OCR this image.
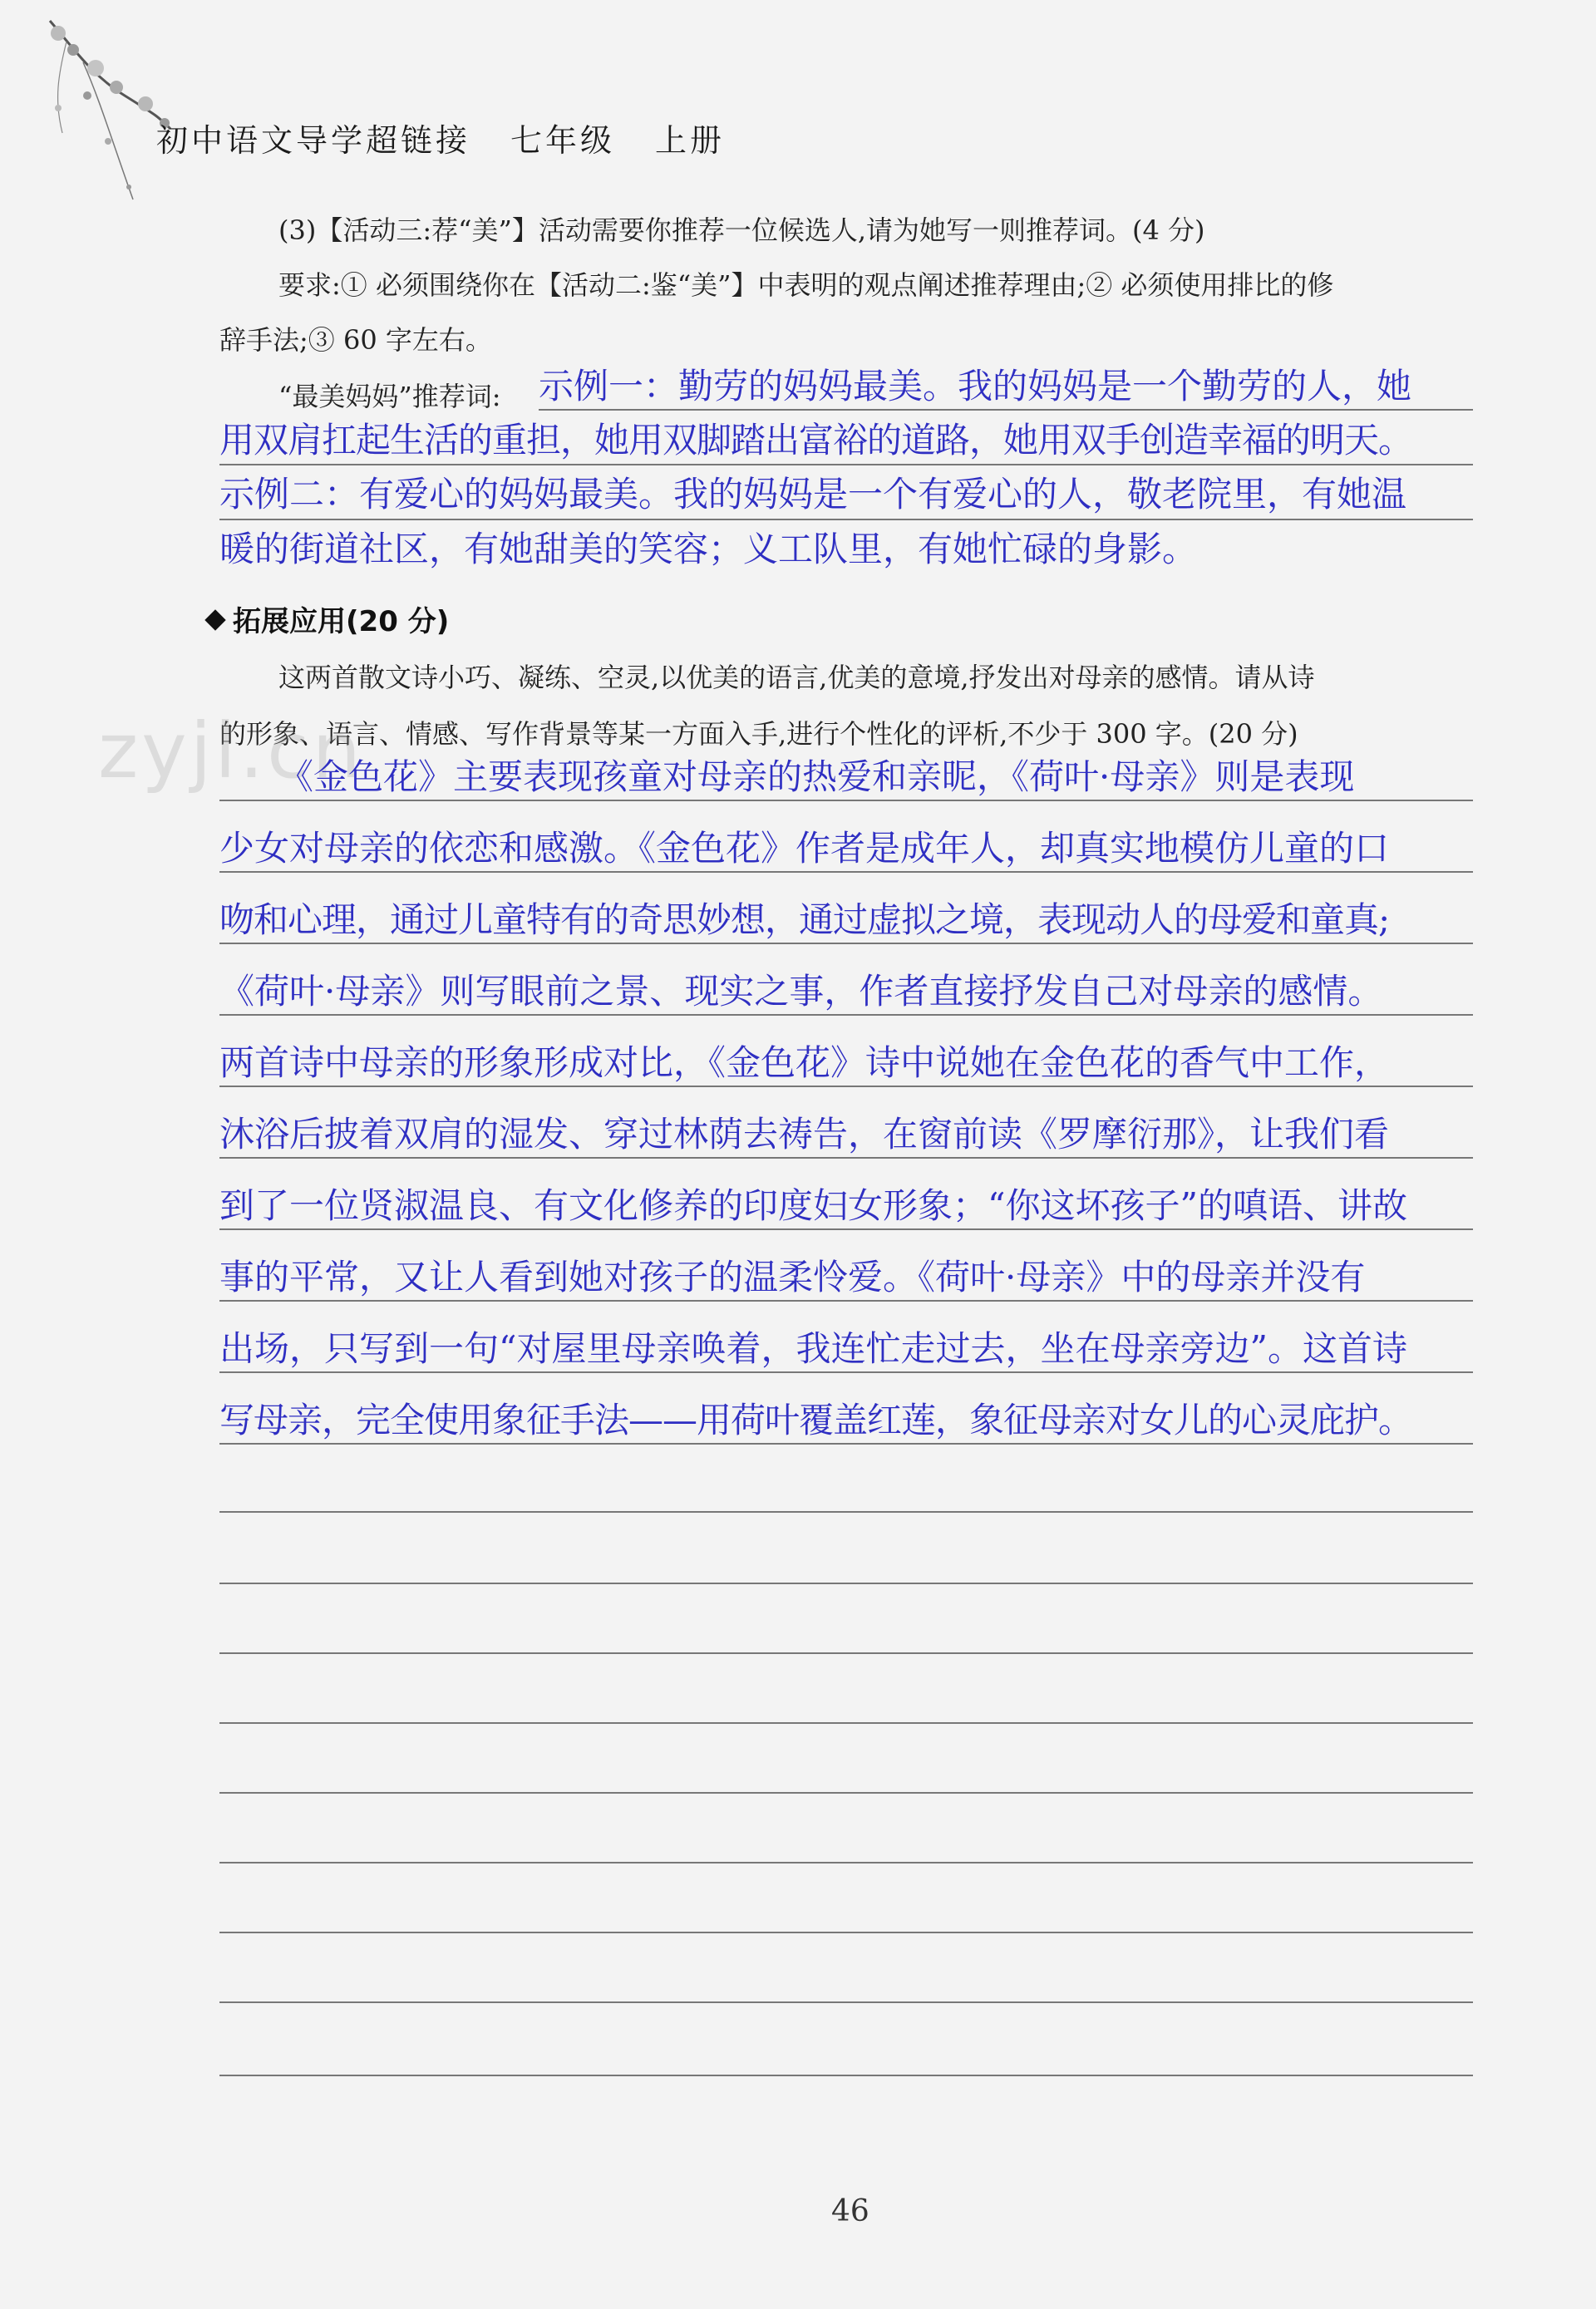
初中语文导学超链接 七年级 上册
(3)【活动三:荐“美”】活动需要你推荐一位候选人,请为她写一则推荐词。(4 分)
要求:① 必须围绕你在【活动二:鉴“美”】中表明的观点阐述推荐理由;② 必须使用排比的修
辞手法;③ 60 字左右。
“最美妈妈”推荐词: 示例一：勤劳的妈妈最美。我的妈妈是一个勤劳的人，她
用双肩扛起生活的重担，她用双脚踏出富裕的道路，她用双手创造幸福的明天。
示例二：有爱心的妈妈最美。我的妈妈是一个有爱心的人，敬老院里，有她温
暖的街道社区，有她甜美的笑容；义工队里，有她忙碌的身影。
拓展应用(20 分)
这两首散文诗小巧、凝练、空灵,以优美的语言,优美的意境,抒发出对母亲的感情。请从诗
的形象、语言、情感、写作背景等某一方面入手,进行个性化的评析,不少于 300 字。(20 分)
zyjl.cn
《金色花》主要表现孩童对母亲的热爱和亲昵，《荷叶·母亲》则是表现
少女对母亲的依恋和感激。《金色花》作者是成年人，却真实地模仿儿童的口
吻和心理，通过儿童特有的奇思妙想，通过虚拟之境，表现动人的母爱和童真;
《荷叶·母亲》则写眼前之景、现实之事，作者直接抒发自己对母亲的感情。
两首诗中母亲的形象形成对比，《金色花》诗中说她在金色花的香气中工作，
沐浴后披着双肩的湿发、穿过林荫去祷告，在窗前读《罗摩衍那》，让我们看
到了一位贤淑温良、有文化修养的印度妇女形象；“你这坏孩子”的嗔语、讲故
事的平常，又让人看到她对孩子的温柔怜爱。《荷叶·母亲》中的母亲并没有
出场，只写到一句“对屋里母亲唤着，我连忙走过去，坐在母亲旁边”。这首诗
写母亲，完全使用象征手法——用荷叶覆盖红莲，象征母亲对女儿的心灵庇护。
46
